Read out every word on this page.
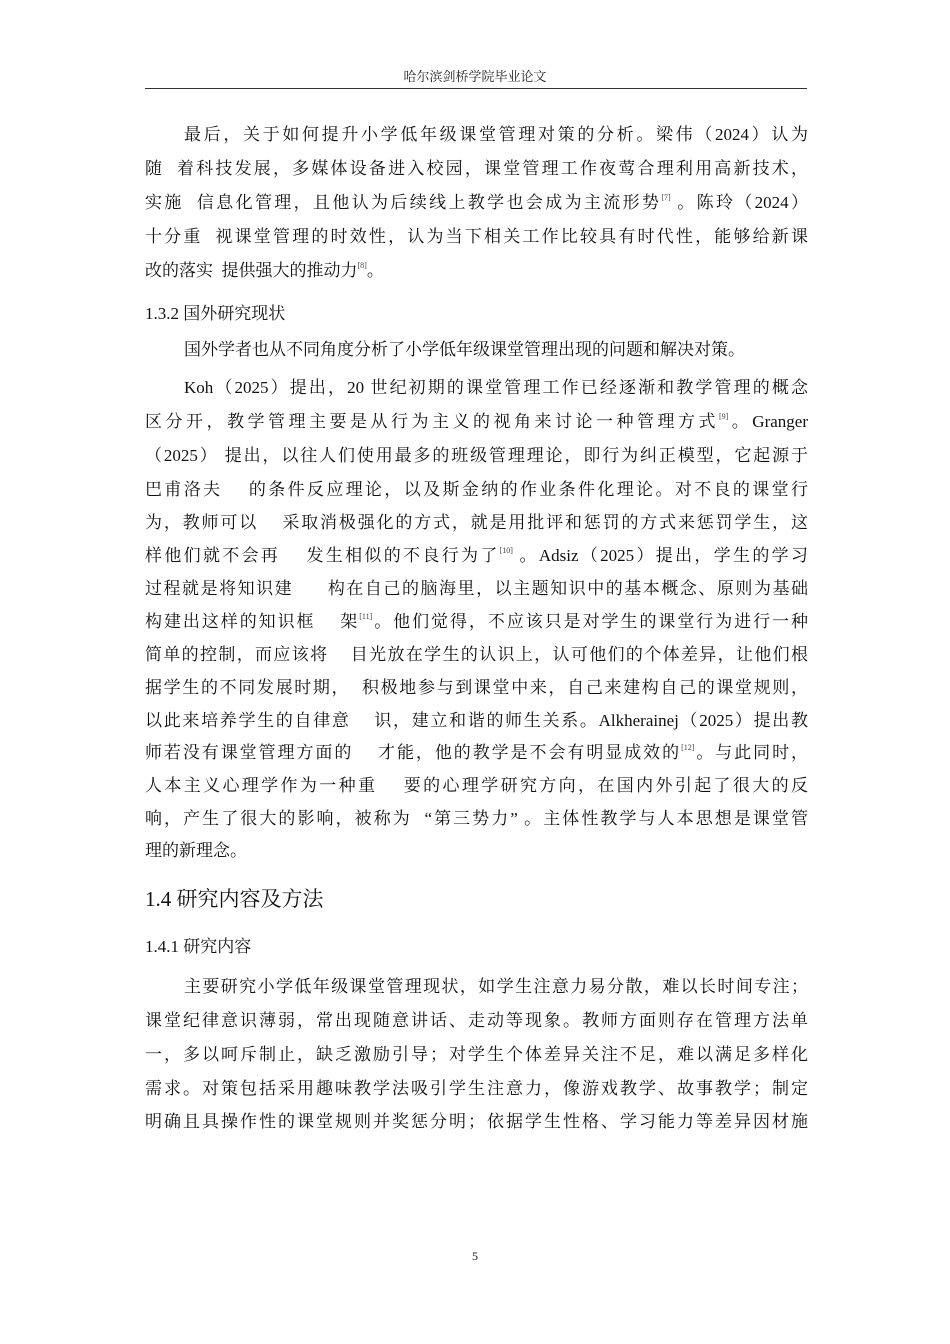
哈尔滨剑桥学院毕业论文
最后，关于如何提升小学低年级课堂管理对策的分析。梁伟（2024）认为
随  着科技发展，多媒体设备进入校园，课堂管理工作夜莺合理利用高新技术，
实施  信息化管理，且他认为后续线上教学也会成为主流形势[7] 。陈玲（2024）
十分重  视课堂管理的时效性，认为当下相关工作比较具有时代性，能够给新课
改的落实  提供强大的推动力[8]。
1.3.2 国外研究现状
国外学者也从不同角度分析了小学低年级课堂管理出现的问题和解决对策。
Koh（2025）提出，20 世纪初期的课堂管理工作已经逐渐和教学管理的概念
区分开，教学管理主要是从行为主义的视角来讨论一种管理方式[9]。Granger
（2025） 提出，以往人们使用最多的班级管理理论，即行为纠正模型，它起源于
巴甫洛夫    的条件反应理论，以及斯金纳的作业条件化理论。对不良的课堂行
为，教师可以    采取消极强化的方式，就是用批评和惩罚的方式来惩罚学生，这
样他们就不会再    发生相似的不良行为了[10] 。Adsiz（2025）提出，学生的学习
过程就是将知识建      构在自己的脑海里，以主题知识中的基本概念、原则为基础
构建出这样的知识框    架[11]。他们觉得，不应该只是对学生的课堂行为进行一种
简单的控制，而应该将    目光放在学生的认识上，认可他们的个体差异，让他们根
据学生的不同发展时期，  积极地参与到课堂中来，自己来建构自己的课堂规则，
以此来培养学生的自律意    识，建立和谐的师生关系。Alkherainej（2025）提出教
师若没有课堂管理方面的    才能，他的教学是不会有明显成效的[12]。与此同时，
人本主义心理学作为一种重    要的心理学研究方向，在国内外引起了很大的反
响，产生了很大的影响，被称为  “第三势力” 。主体性教学与人本思想是课堂管
理的新理念。
1.4 研究内容及方法
1.4.1 研究内容
主要研究小学低年级课堂管理现状，如学生注意力易分散，难以长时间专注；
课堂纪律意识薄弱，常出现随意讲话、走动等现象。教师方面则存在管理方法单
一，多以呵斥制止，缺乏激励引导；对学生个体差异关注不足，难以满足多样化
需求。对策包括采用趣味教学法吸引学生注意力，像游戏教学、故事教学；制定
明确且具操作性的课堂规则并奖惩分明；依据学生性格、学习能力等差异因材施
5
